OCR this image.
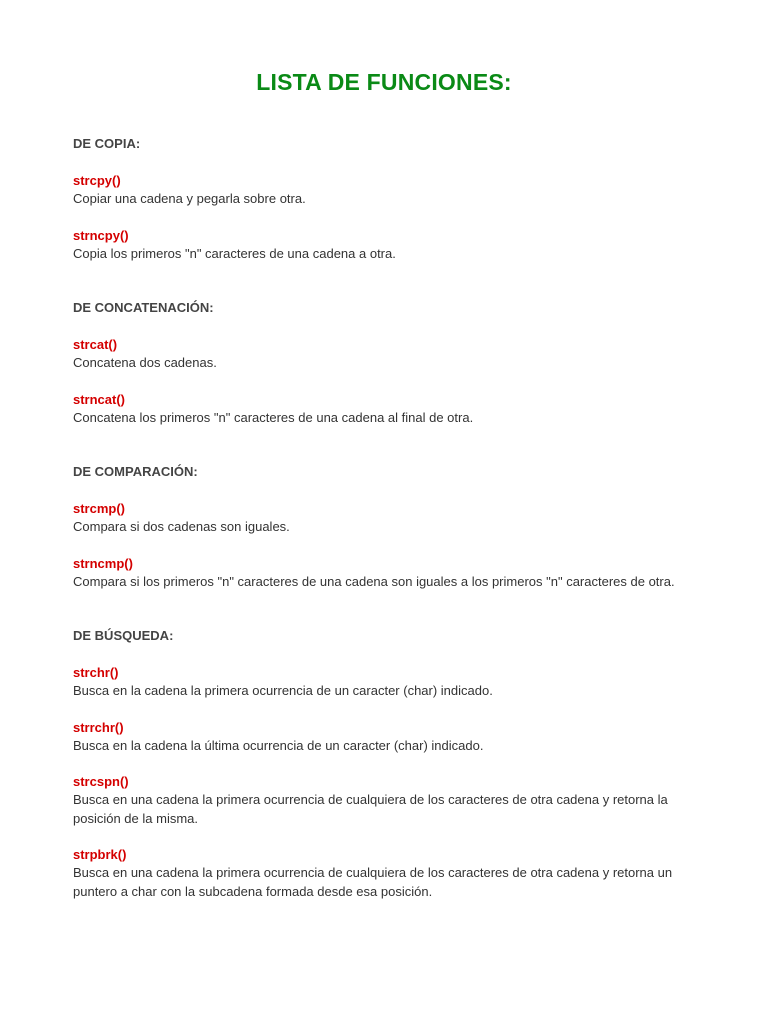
LISTA DE FUNCIONES:
DE COPIA:
strcpy()
Copiar una cadena y pegarla sobre otra.
strncpy()
Copia los primeros "n" caracteres de una cadena a otra.
DE CONCATENACIÓN:
strcat()
Concatena dos cadenas.
strncat()
Concatena los primeros "n" caracteres de una cadena al final de otra.
DE COMPARACIÓN:
strcmp()
Compara si dos cadenas son iguales.
strncmp()
Compara si los primeros "n" caracteres de una cadena son iguales a los primeros "n" caracteres de otra.
DE BÚSQUEDA:
strchr()
Busca en la cadena la primera ocurrencia de un caracter (char) indicado.
strrchr()
Busca en la cadena la última ocurrencia de un caracter (char) indicado.
strcspn()
Busca en una cadena la primera ocurrencia de cualquiera de los caracteres de otra cadena y retorna la posición de la misma.
strpbrk()
Busca en una cadena la primera ocurrencia de cualquiera de los caracteres de otra cadena y retorna un puntero a char con la subcadena formada desde esa posición.
